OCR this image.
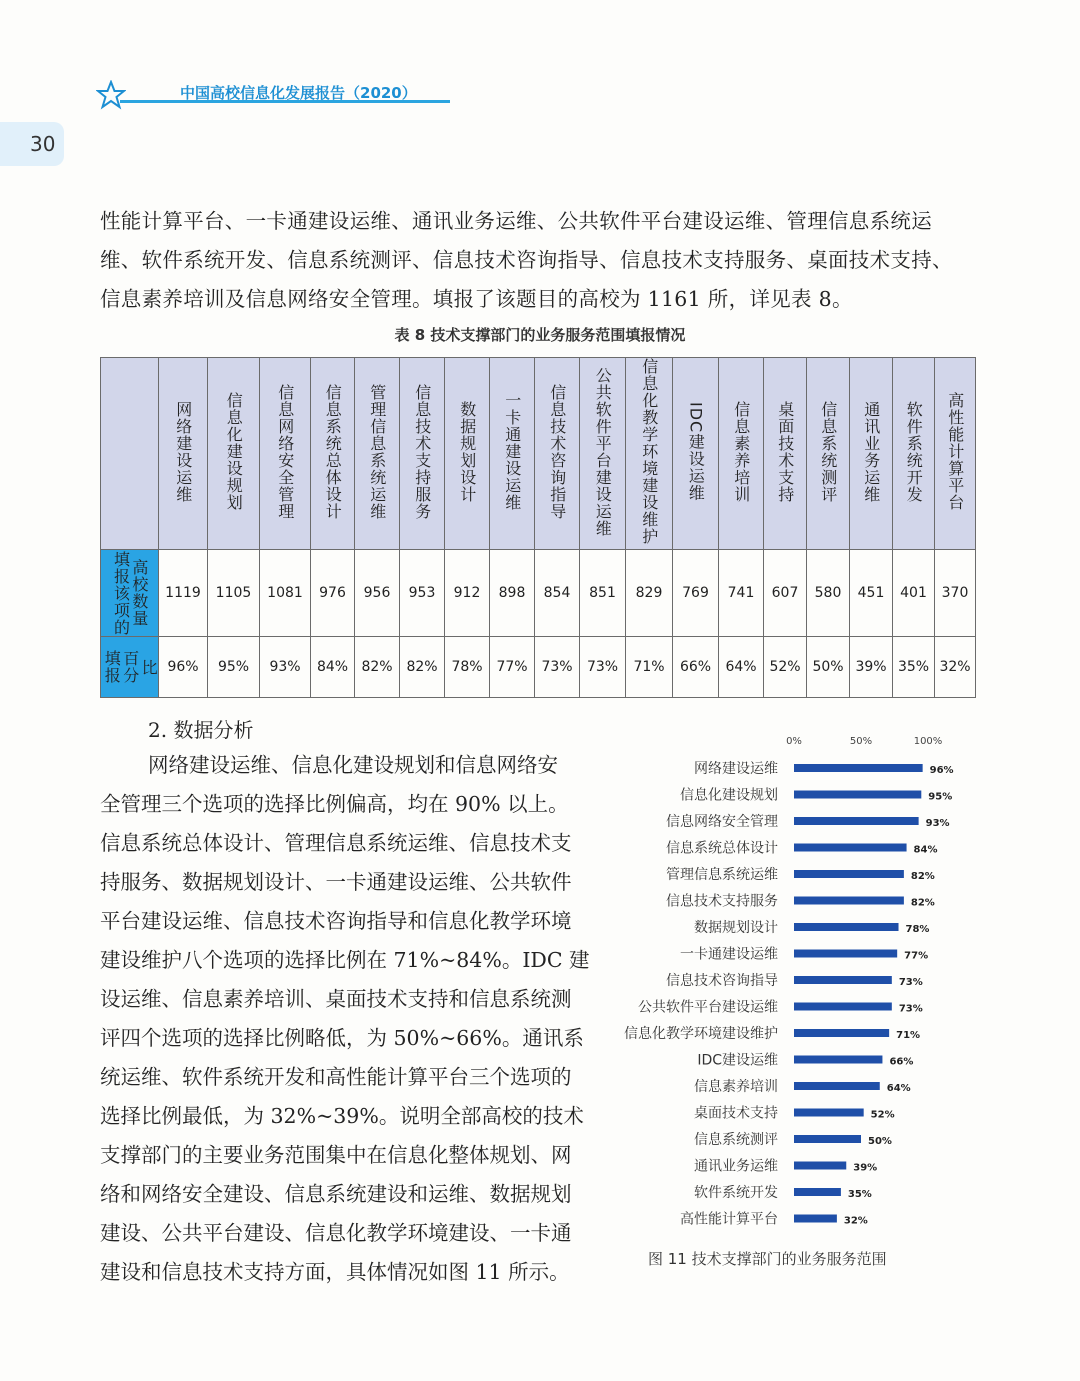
中国高校信息化发展报告（2020）
30
性能计算平台、一卡通建设运维、通讯业务运维、公共软件平台建设运维、管理信息系统运
维、软件系统开发、信息系统测评、信息技术咨询指导、信息技术支持服务、桌面技术支持、
信息素养培训及信息网络安全管理。填报了该题目的高校为 1161 所，详见表 8。
表 8 技术支撑部门的业务服务范围填报情况
	网络建设运维	信息化建设规划	信息网络安全管理	信息系统总体设计	管理信息系统运维	信息技术支持服务	数据规划设计	一卡通建设运维	信息技术咨询指导	公共软件平台建设运维	信息化教学环境建设维护	IDC建设运维	信息素养培训	桌面技术支持	信息系统测评	通讯业务运维	软件系统开发	高性能计算平台

填报该项的 高校数量	1119	1105	1081	976	956	953	912	898	854	851	829	769	741	607	580	451	401	370

填报 百分 比	96%	95%	93%	84%	82%	82%	78%	77%	73%	73%	71%	66%	64%	52%	50%	39%	35%	32%
2. 数据分析
网络建设运维、信息化建设规划和信息网络安
全管理三个选项的选择比例偏高，均在 90% 以上。
信息系统总体设计、管理信息系统运维、信息技术支
持服务、数据规划设计、一卡通建设运维、公共软件
平台建设运维、信息技术咨询指导和信息化教学环境
建设维护八个选项的选择比例在 71%~84%。IDC 建
设运维、信息素养培训、桌面技术支持和信息系统测
评四个选项的选择比例略低，为 50%~66%。通讯系
统运维、软件系统开发和高性能计算平台三个选项的
选择比例最低，为 32%~39%。说明全部高校的技术
支撑部门的主要业务范围集中在信息化整体规划、网
络和网络安全建设、信息系统建设和运维、数据规划
建设、公共平台建设、信息化教学环境建设、一卡通
建设和信息技术支持方面，具体情况如图 11 所示。
0%	50%	100%
网络建设运维	96%
信息化建设规划	95%
信息网络安全管理	93%
信息系统总体设计	84%
管理信息系统运维	82%
信息技术支持服务	82%
数据规划设计	78%
一卡通建设运维	77%
信息技术咨询指导	73%
公共软件平台建设运维	73%
信息化教学环境建设维护	71%
IDC建设运维	66%
信息素养培训	64%
桌面技术支持	52%
信息系统测评	50%
通讯业务运维	39%
软件系统开发	35%
高性能计算平台	32%
图 11 技术支撑部门的业务服务范围
